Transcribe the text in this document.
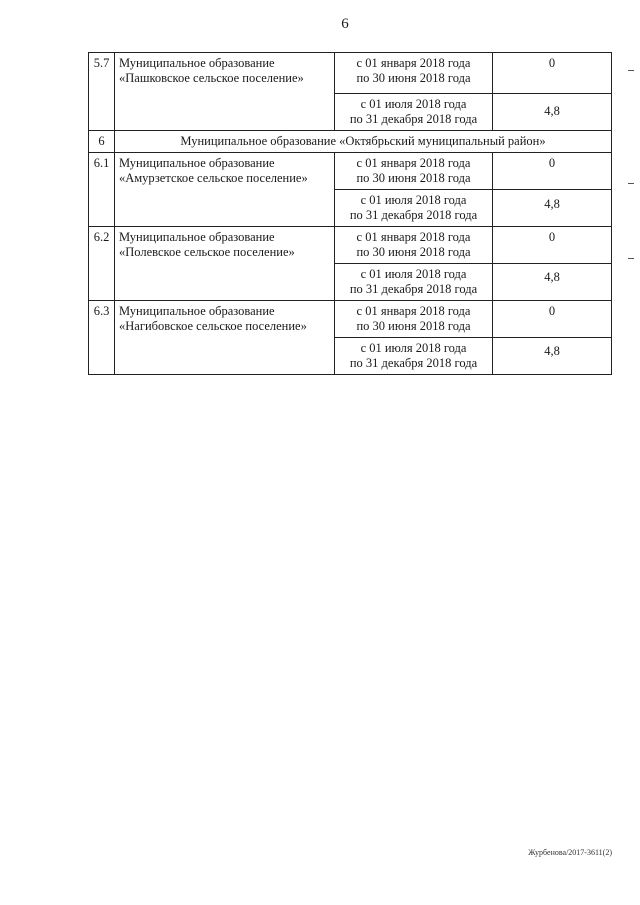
6
5.7	Муниципальное образование
«Пашковское сельское поселение»	с 01 января 2018 года
по 30 июня 2018 года	0

		с 01 июля 2018 года
по 31 декабря 2018 года	4,8
6	Муниципальное образование «Октябрьский муниципальный район»		
6.1	Муниципальное образование
«Амурзетское сельское поселение»	с 01 января 2018 года
по 30 июня 2018 года	0

		с 01 июля 2018 года
по 31 декабря 2018 года	4,8
6.2	Муниципальное образование
«Полевское сельское поселение»	с 01 января 2018 года
по 30 июня 2018 года	0

		с 01 июля 2018 года
по 31 декабря 2018 года	4,8
6.3	Муниципальное образование
«Нагибовское сельское поселение»	с 01 января 2018 года
по 30 июня 2018 года	0

		с 01 июля 2018 года
по 31 декабря 2018 года	4,8
Журбенова/2017-3611(2)
